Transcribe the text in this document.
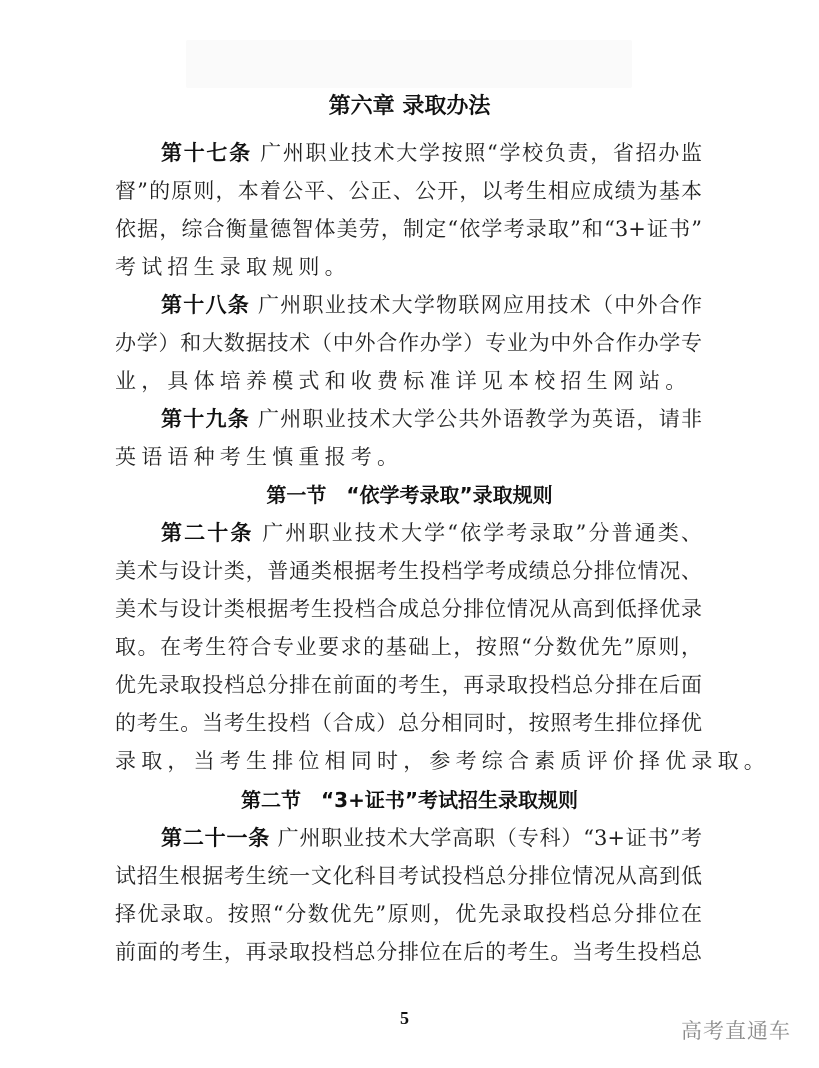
第六章 录取办法
第十七条 广州职业技术大学按照“学校负责，省招办监
督”的原则，本着公平、公正、公开，以考生相应成绩为基本
依据，综合衡量德智体美劳，制定“依学考录取”和“3+证书”
考试招生录取规则。
第十八条 广州职业技术大学物联网应用技术（中外合作
办学）和大数据技术（中外合作办学）专业为中外合作办学专
业，具体培养模式和收费标准详见本校招生网站。
第十九条 广州职业技术大学公共外语教学为英语，请非
英语语种考生慎重报考。
第一节　“依学考录取”录取规则
第二十条 广州职业技术大学“依学考录取”分普通类、
美术与设计类，普通类根据考生投档学考成绩总分排位情况、
美术与设计类根据考生投档合成总分排位情况从高到低择优录
取。在考生符合专业要求的基础上，按照“分数优先”原则，
优先录取投档总分排在前面的考生，再录取投档总分排在后面
的考生。当考生投档（合成）总分相同时，按照考生排位择优
录取，当考生排位相同时，参考综合素质评价择优录取。
第二节　“3+证书”考试招生录取规则
第二十一条 广州职业技术大学高职（专科）“3+证书”考
试招生根据考生统一文化科目考试投档总分排位情况从高到低
择优录取。按照“分数优先”原则，优先录取投档总分排位在
前面的考生，再录取投档总分排位在后的考生。当考生投档总
5
高考直通车
